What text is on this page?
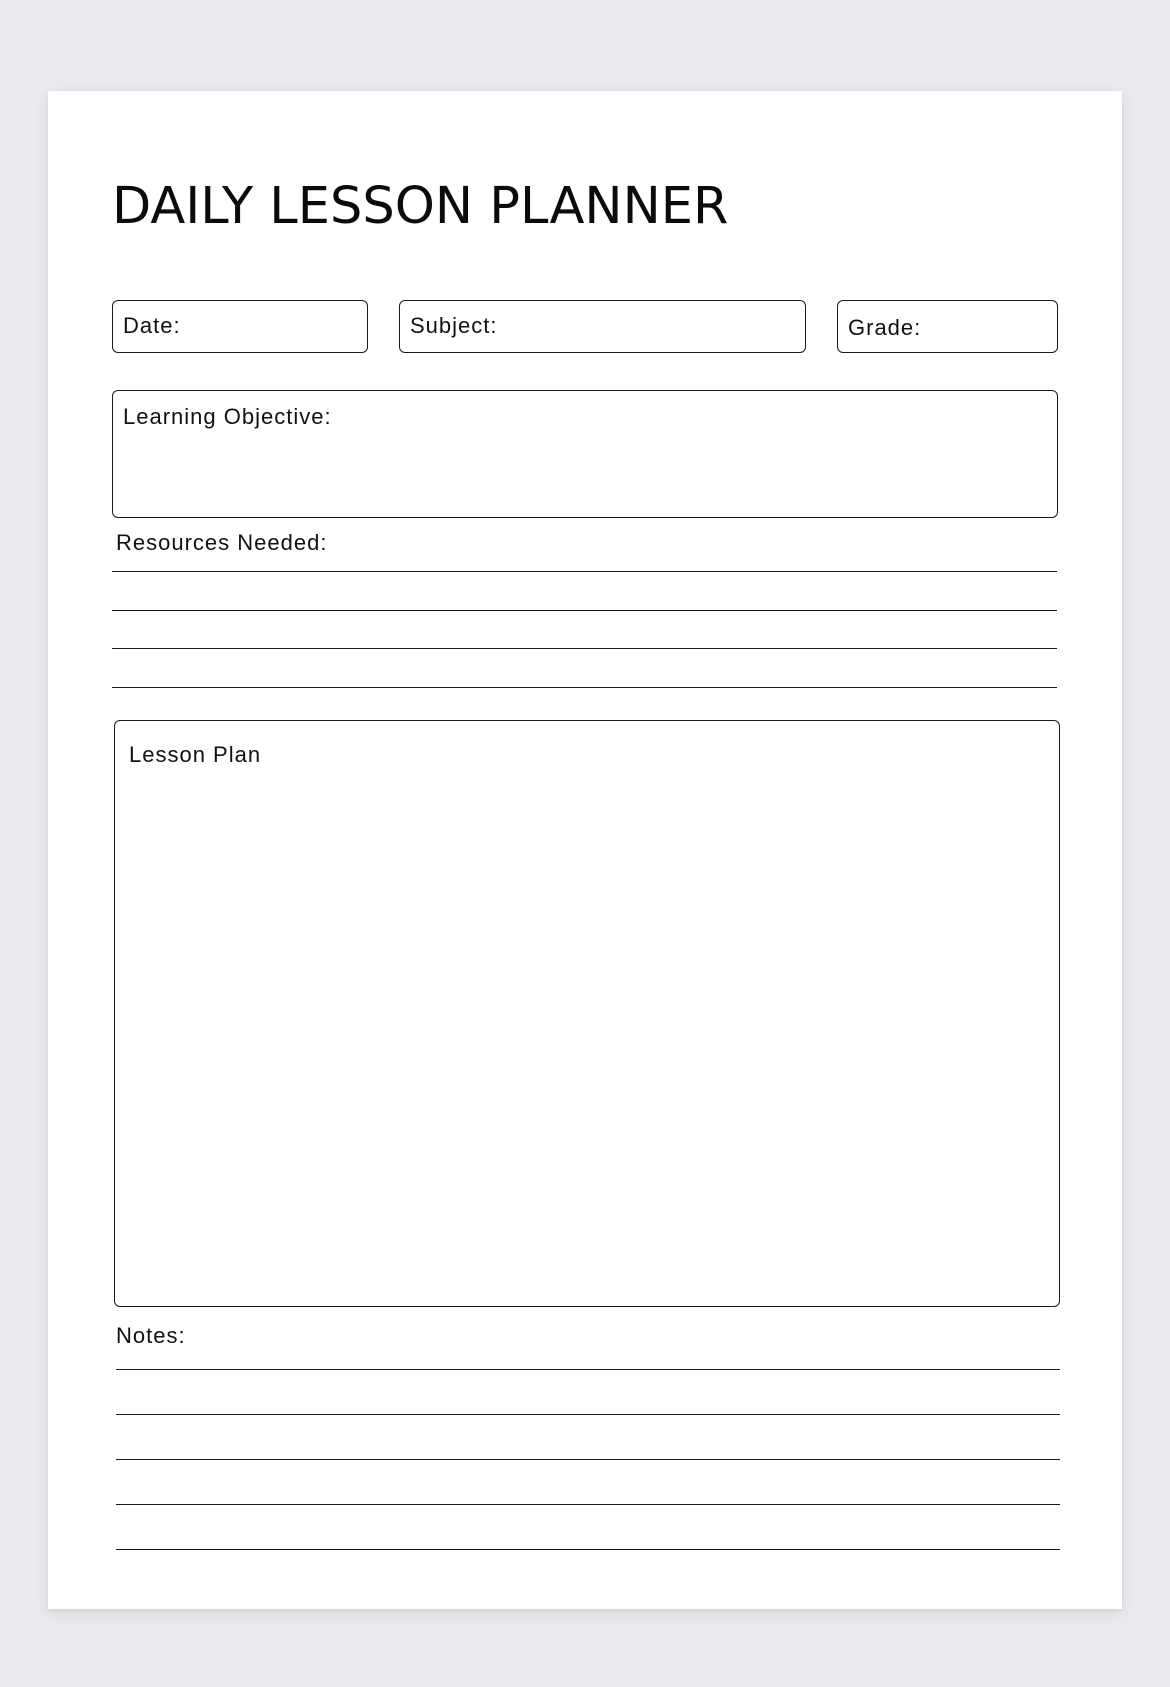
DAILY LESSON PLANNER
Date:	Subject:	Grade:
Learning Objective:
Resources Needed:
Lesson Plan
Notes:
